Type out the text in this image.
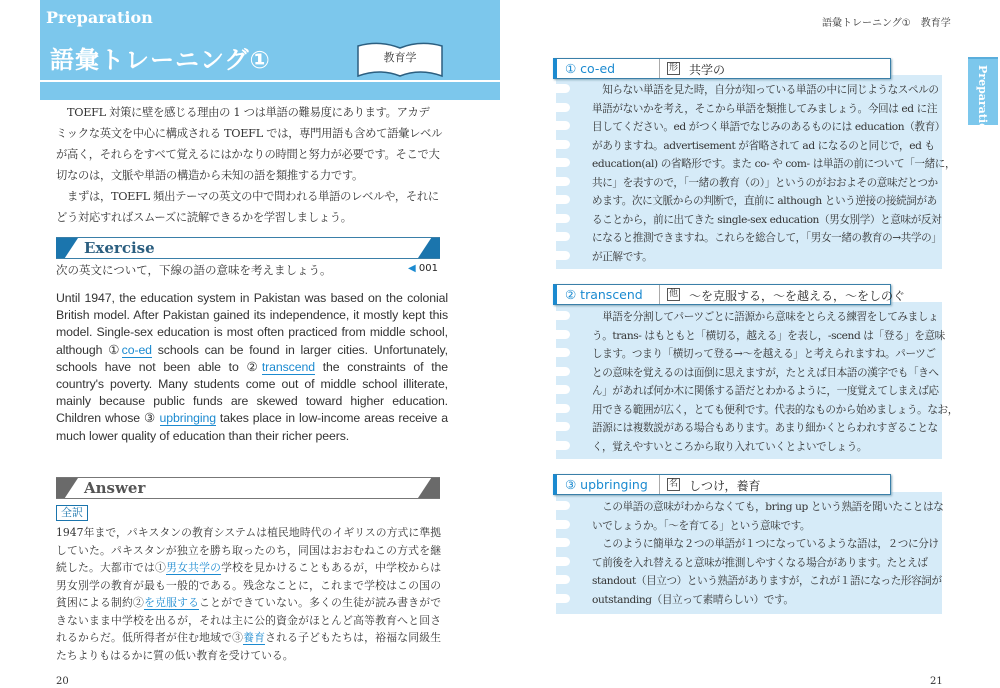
Preparation
語彙トレーニング①	教育学
　TOEFL 対策に壁を感じる理由の 1 つは単語の難易度にあります。アカデ
ミックな英文を中心に構成される TOEFL では，専門用語も含めて語彙レベル
が高く，それらをすべて覚えるにはかなりの時間と努力が必要です。そこで大
切なのは，文脈や単語の構造から未知の語を類推する力です。
　まずは，TOEFL 頻出テーマの英文の中で問われる単語のレベルや，それに
どう対応すればスムーズに読解できるかを学習しましょう。
Exercise
次の英文について，下線の語の意味を考えましょう。	◀︎ 001
Until 1947, the education system in Pakistan was based on the colonial British model. After Pakistan gained its independence, it mostly kept this model. Single-sex education is most often practiced from middle school, although ①co-ed schools can be found in larger cities. Unfortunately, schools have not been able to ②transcend the constraints of the country's poverty. Many students come out of middle school illiterate, mainly because public funds are skewed toward higher education. Children whose ③ upbringing takes place in low-income areas receive a much lower quality of education than their richer peers.
Answer
全訳
1947年まで，パキスタンの教育システムは植民地時代のイギリスの方式に準拠していた。パキスタンが独立を勝ち取ったのち，同国はおおむねこの方式を継続した。大都市では①男女共学の学校を見かけることもあるが，中学校からは男女別学の教育が最も一般的である。残念なことに，これまで学校はこの国の貧困による制約②を克服することができていない。多くの生徒が読み書きができないまま中学校を出るが，それは主に公的資金がほとんど高等教育へと回されるからだ。低所得者が住む地域で③養育される子どもたちは，裕福な同級生たちよりもはるかに質の低い教育を受けている。
20
語彙トレーニング①　教育学
Preparation
　知らない単語を見た時，自分が知っている単語の中に同じようなスペルの
単語がないかを考え，そこから単語を類推してみましょう。今回は ed に注
目してください。ed がつく単語でなじみのあるものには education（教育）
がありますね。advertisement が省略されて ad になるのと同じで，ed も
education(al) の省略形です。また co- や com- は単語の前について「一緒に，
共に」を表すので，「一緒の教育（の）」というのがおおよその意味だとつか
めます。次に文脈からの判断で，直前に although という逆接の接続詞があ
ることから，前に出てきた single-sex education（男女別学）と意味が反対
になると推測できますね。これらを総合して，「男女一緒の教育の→共学の」
が正解です。
① co-ed	形 共学の
　単語を分割してパーツごとに語源から意味をとらえる練習をしてみましょ
う。trans- はもともと「横切る，越える」を表し，-scend は「登る」を意味
します。つまり「横切って登る→～を越える」と考えられますね。パーツご
との意味を覚えるのは面倒に思えますが，たとえば日本語の漢字でも「きへ
ん」があれば何か木に関係する語だとわかるように，一度覚えてしまえば応
用できる範囲が広く，とても便利です。代表的なものから始めましょう。なお，
語源には複数説がある場合もあります。あまり細かくとらわれすぎることな
く，覚えやすいところから取り入れていくとよいでしょう。
② transcend	他 ～を克服する，～を越える，～をしのぐ
　この単語の意味がわからなくても，bring up という熟語を聞いたことはな
いでしょうか。「～を育てる」という意味です。
　このように簡単な２つの単語が１つになっているような語は，２つに分け
て前後を入れ替えると意味が推測しやすくなる場合があります。たとえば
standout（目立つ）という熟語がありますが，これが１語になった形容詞が
outstanding（目立って素晴らしい）です。
③ upbringing 名 しつけ，養育
21
